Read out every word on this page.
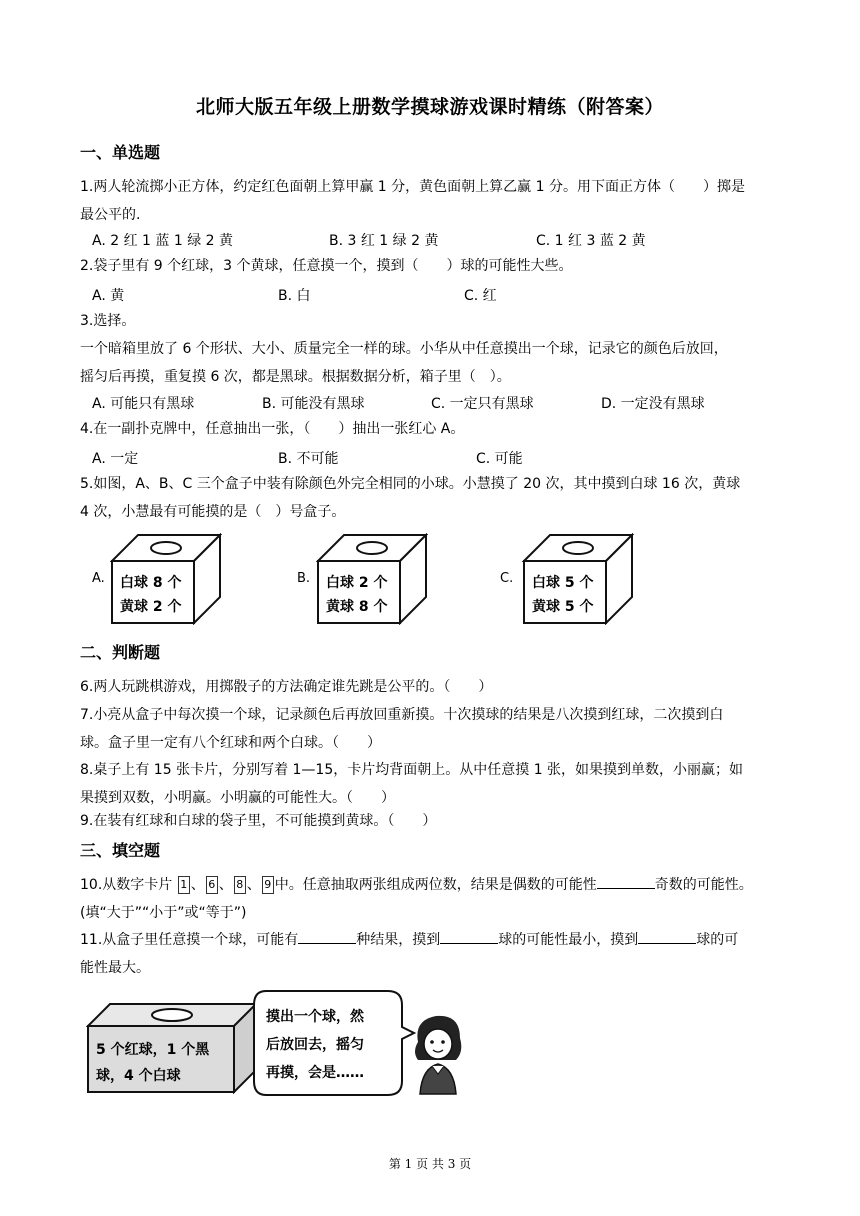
北师大版五年级上册数学摸球游戏课时精练（附答案）
一、单选题
1.两人轮流掷小正方体，约定红色面朝上算甲赢 1 分，黄色面朝上算乙赢 1 分。用下面正方体（　　）掷是
最公平的.
A. 2 红 1 蓝 1 绿 2 黄	B. 3 红 1 绿 2 黄	C. 1 红 3 蓝 2 黄
2.袋子里有 9 个红球，3 个黄球，任意摸一个，摸到（　　）球的可能性大些。
A. 黄	B. 白	C. 红
3.选择。
一个暗箱里放了 6 个形状、大小、质量完全一样的球。小华从中任意摸出一个球，记录它的颜色后放回，
摇匀后再摸，重复摸 6 次，都是黑球。根据数据分析，箱子里（　）。
A. 可能只有黑球	B. 可能没有黑球	C. 一定只有黑球	D. 一定没有黑球
4.在一副扑克牌中，任意抽出一张，（　　）抽出一张红心 A。
A. 一定	B. 不可能	C. 可能
5.如图，A、B、C 三个盒子中装有除颜色外完全相同的小球。小慧摸了 20 次，其中摸到白球 16 次，黄球
4 次，小慧最有可能摸的是（　）号盒子。
A. 白球 8 个
黄球 2 个
B. 白球 2 个
黄球 8 个
C. 白球 5 个
黄球 5 个
二、判断题
6.两人玩跳棋游戏，用掷骰子的方法确定谁先跳是公平的。（　　）
7.小亮从盒子中每次摸一个球，记录颜色后再放回重新摸。十次摸球的结果是八次摸到红球，二次摸到白
球。盒子里一定有八个红球和两个白球。（　　）
8.桌子上有 15 张卡片，分别写着 1—15，卡片均背面朝上。从中任意摸 1 张，如果摸到单数，小丽赢；如
果摸到双数，小明赢。小明赢的可能性大。（　　）
9.在装有红球和白球的袋子里，不可能摸到黄球。（　　）
三、填空题
10.从数字卡片 1 、 6 、 8 、 9 中。任意抽取两张组成两位数，结果是偶数的可能性	奇数的可能性。
(填“大于”“小于”或“等于”)
11.从盒子里任意摸一个球，可能有	种结果，摸到	球的可能性最小，摸到	球的可
能性最大。
5 个红球，1 个黑
球，4 个白球
摸出一个球，然
后放回去，摇匀
再摸，会是……
第 1 页 共 3 页
